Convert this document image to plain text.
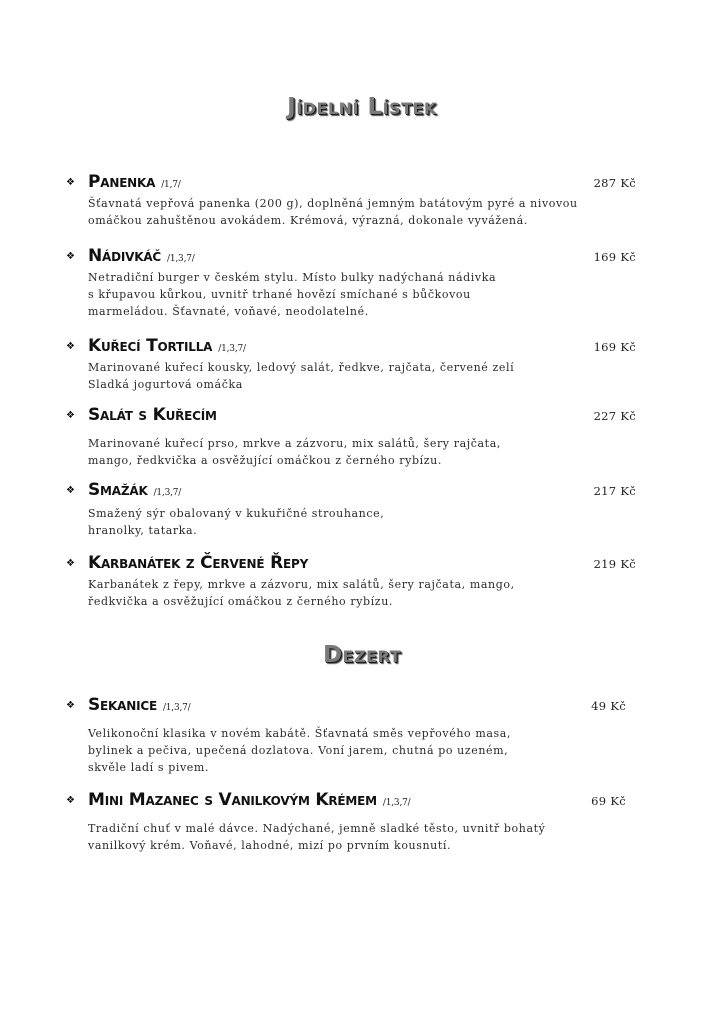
Jídelní Lístek
❖ Panenka /1,7/	287 Kč
Šťavnatá vepřová panenka (200 g), doplněná jemným batátovým pyré a nivovou
omáčkou zahuštěnou avokádem. Krémová, výrazná, dokonale vyvážená.
❖ Nádivkáč /1,3,7/	169 Kč
Netradiční burger v českém stylu. Místo bulky nadýchaná nádivka
s křupavou kůrkou, uvnitř trhané hovězí smíchané s bůčkovou
marmeládou. Šťavnaté, voňavé, neodolatelné.
❖ Kuřecí Tortilla /1,3,7/	169 Kč
Marinované kuřecí kousky, ledový salát, ředkve, rajčata, červené zelí
Sladká jogurtová omáčka
❖ Salát s Kuřecím	227 Kč
Marinované kuřecí prso, mrkve a zázvoru, mix salátů, šery rajčata,
mango, ředkvička a osvěžující omáčkou z černého rybízu.
❖ Smažák /1,3,7/	217 Kč
Smažený sýr obalovaný v kukuřičné strouhance,
hranolky, tatarka.
❖ Karbanátek z Červené Řepy	219 Kč
Karbanátek z řepy, mrkve a zázvoru, mix salátů, šery rajčata, mango,
ředkvička a osvěžující omáčkou z černého rybízu.
Dezert
❖ Sekanice /1,3,7/	49 Kč
Velikonoční klasika v novém kabátě. Šťavnatá směs vepřového masa,
bylinek a pečiva, upečená dozlatova. Voní jarem, chutná po uzeném,
skvěle ladí s pivem.
❖ Mini Mazanec s Vanilkovým Krémem /1,3,7/	69 Kč
Tradiční chuť v malé dávce. Nadýchané, jemně sladké těsto, uvnitř bohatý
vanilkový krém. Voňavé, lahodné, mizí po prvním kousnutí.
